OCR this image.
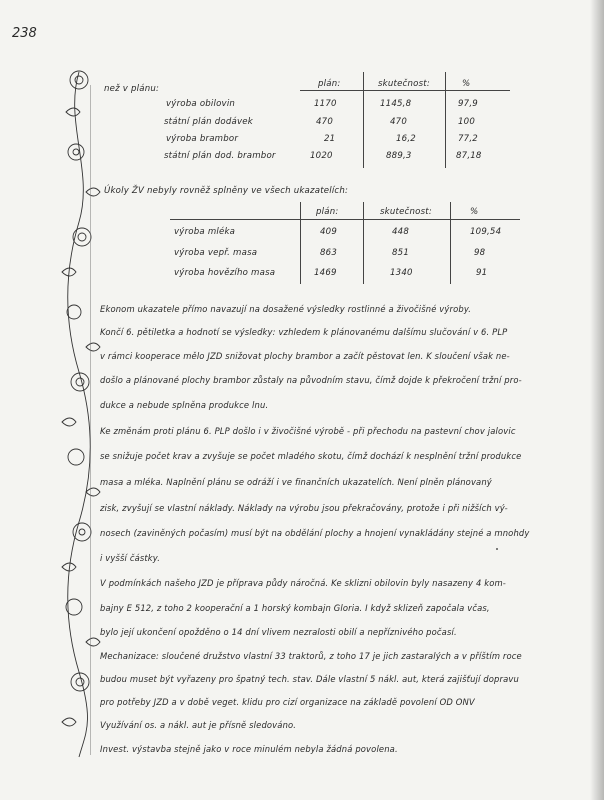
238
než v plánu:	plán:	skutečnost:	%
výroba obilovin	1170	1145,8	97,9
státní plán dodávek	470	470	100
výroba brambor	21	16,2	77,2
státní plán dod. brambor	1020	889,3	87,18
Úkoly ŽV nebyly rovněž splněny ve všech ukazatelích:
plán:	skutečnost:	%
výroba mléka	409	448	109,54
výroba vepř. masa	863	851	98
výroba hovězího masa	1469	1340	91
Ekonom ukazatele přímo navazují na dosažené výsledky rostlinné a živočišné výroby.
Končí 6. pětiletka a hodnotí se výsledky: vzhledem k plánovanému dalšímu slučování v 6. PLP
v rámci kooperace mělo JZD snižovat plochy brambor a začít pěstovat len. K sloučení však ne-
došlo a plánované plochy brambor zůstaly na původním stavu, čímž dojde k překročení tržní pro-
dukce a nebude splněna produkce lnu.
Ke změnám proti plánu 6. PLP došlo i v živočišné výrobě - při přechodu na pastevní chov jalovic
se snižuje počet krav a zvyšuje se počet mladého skotu, čímž dochází k nesplnění tržní produkce
masa a mléka. Naplnění plánu se odráží i ve finančních ukazatelích. Není plněn plánovaný
zisk, zvyšují se vlastní náklady. Náklady na výrobu jsou překračovány, protože i při nižších vý-
nosech (zaviněných počasím) musí být na obdělání plochy a hnojení vynakládány stejné a mnohdy
i vyšší částky.
V podmínkách našeho JZD je příprava půdy náročná. Ke sklizni obilovin byly nasazeny 4 kom-
bajny E 512, z toho 2 kooperační a 1 horský kombajn Gloria. I když sklizeň započala včas,
bylo její ukončení opožděno o 14 dní vlivem nezralosti obilí a nepříznivého počasí.
Mechanizace: sloučené družstvo vlastní 33 traktorů, z toho 17 je jich zastaralých a v příštím roce
budou muset být vyřazeny pro špatný tech. stav. Dále vlastní 5 nákl. aut, která zajišťují dopravu
pro potřeby JZD a v době veget. klidu pro cizí organizace na základě povolení OD ONV
Využívání os. a nákl. aut je přísně sledováno.
Invest. výstavba stejně jako v roce minulém nebyla žádná povolena.
